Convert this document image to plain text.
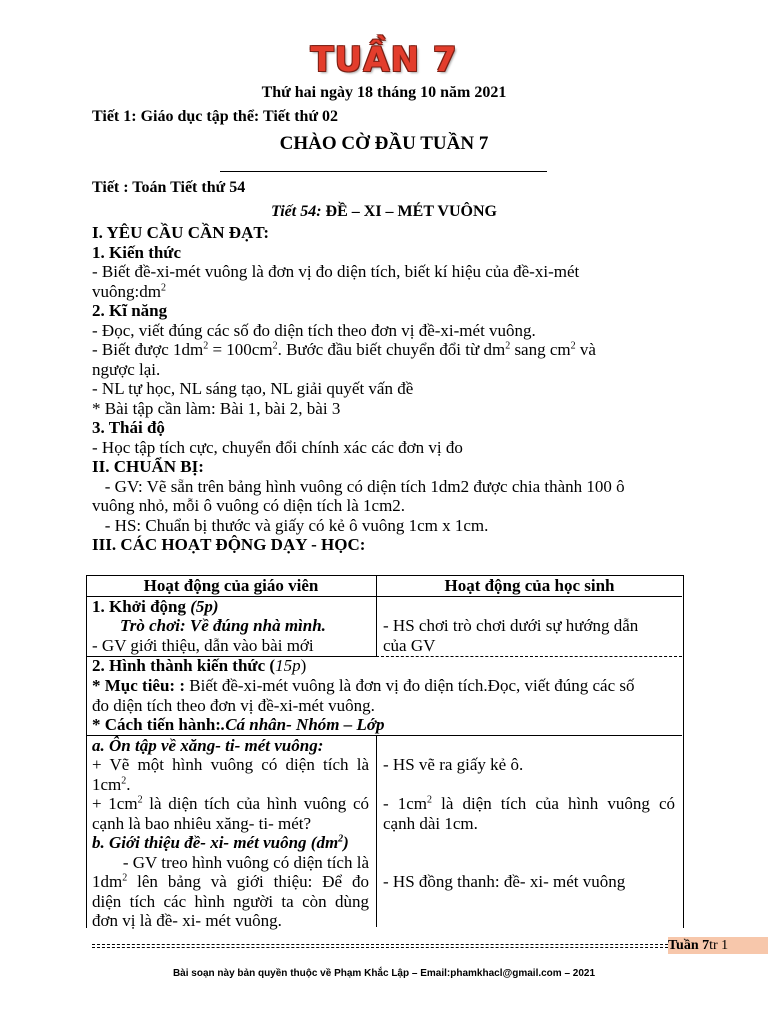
TUẦN 7
Thứ hai ngày 18 tháng 10 năm 2021
Tiết 1: Giáo dục tập thể: Tiết thứ 02
CHÀO CỜ ĐẦU TUẦN 7
Tiết : Toán Tiết thứ 54
Tiết 54: ĐỀ – XI – MÉT VUÔNG
I. YÊU CẦU CẦN ĐẠT:
1. Kiến thức
- Biết đề-xi-mét vuông là đơn vị đo diện tích, biết kí hiệu của đề-xi-mét
$vuông:dm^2$
2. Kĩ năng
- Đọc, viết đúng các số đo diện tích theo đơn vị đề-xi-mét vuông.
- Biết được $1dm^2 = 100cm^2$. Bước đầu biết chuyển đổi từ $dm^2$ sang $cm^2$ và
ngược lại.
- NL tự học, NL sáng tạo, NL giải quyết vấn đề
* Bài tập cần làm: Bài 1, bài 2, bài 3
3. Thái độ
- Học tập tích cực, chuyển đổi chính xác các đơn vị đo
II. CHUẨN BỊ:
- GV: Vẽ sẵn trên bảng hình vuông có diện tích 1dm2 được chia thành 100 ô
vuông nhỏ, mỗi ô vuông có diện tích là 1cm2.
- HS: Chuẩn bị thước và giấy có kẻ ô vuông 1cm x 1cm.
III. CÁC HOẠT ĐỘNG DẠY - HỌC:
Hoạt động của giáo viên	Hoạt động của học sinh
1. Khởi động (5p)
Trò chơi: Về đúng nhà mình.
- GV giới thiệu, dẫn vào bài mới
- HS chơi trò chơi dưới sự hướng dẫn
của GV
2. Hình thành kiến thức (15p)
* Mục tiêu: : Biết đề-xi-mét vuông là đơn vị đo diện tích.Đọc, viết đúng các số
đo diện tích theo đơn vị đề-xi-mét vuông.
* Cách tiến hành:.Cá nhân- Nhóm – Lớp
a. Ôn tập về xăng- ti- mét vuông:
+ Vẽ một hình vuông có diện tích là
$1cm^2$.
+ $1cm^2$ là diện tích của hình vuông có
cạnh là bao nhiêu xăng- ti- mét?
b. Giới thiệu đề- xi- mét vuông $(dm^2)$
- GV treo hình vuông có diện tích là
$1dm^2$ lên bảng và giới thiệu: Để đo
diện tích các hình người ta còn dùng
đơn vị là đề- xi- mét vuông.
- HS vẽ ra giấy kẻ ô.
- $1cm^2$ là diện tích của hình vuông có
cạnh dài 1cm.
- HS đồng thanh: đề- xi- mét vuông
Tuần 7tr 1
Bài soạn này bản quyền thuộc về Phạm Khắc Lập – Email:phamkhacl@gmail.com – 2021
